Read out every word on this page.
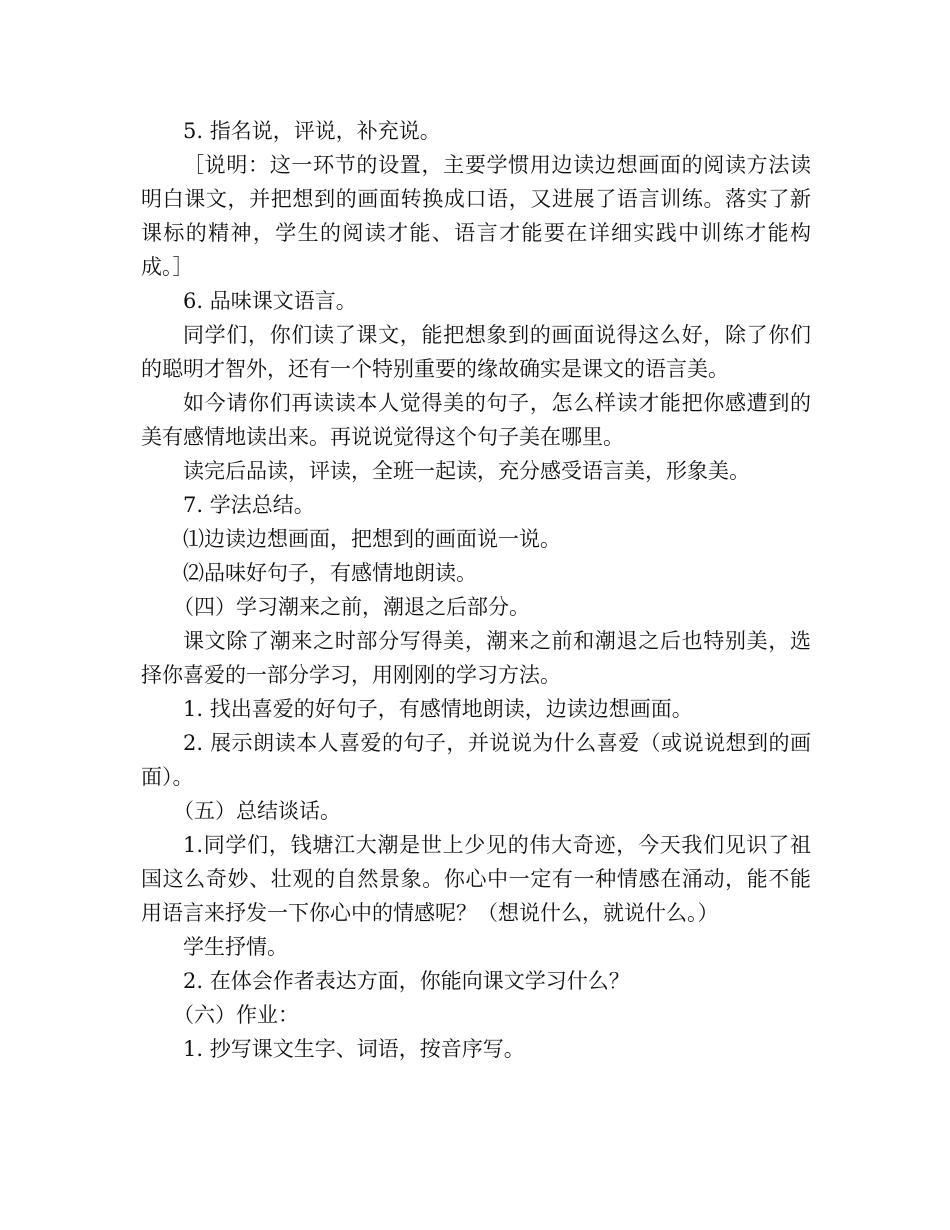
5. 指名说，评说，补充说。

［说明：这一环节的设置，主要学惯用边读边想画面的阅读方法读明白课文，并把想到的画面转换成口语，又进展了语言训练。落实了新课标的精神，学生的阅读才能、语言才能要在详细实践中训练才能构成。］

6. 品味课文语言。

同学们，你们读了课文，能把想象到的画面说得这么好，除了你们的聪明才智外，还有一个特别重要的缘故确实是课文的语言美。

如今请你们再读读本人觉得美的句子，怎么样读才能把你感遭到的美有感情地读出来。再说说觉得这个句子美在哪里。

读完后品读，评读，全班一起读，充分感受语言美，形象美。

7. 学法总结。

⑴边读边想画面，把想到的画面说一说。

⑵品味好句子，有感情地朗读。

（四）学习潮来之前，潮退之后部分。

课文除了潮来之时部分写得美，潮来之前和潮退之后也特别美，选择你喜爱的一部分学习，用刚刚的学习方法。

1. 找出喜爱的好句子，有感情地朗读，边读边想画面。

2. 展示朗读本人喜爱的句子，并说说为什么喜爱（或说说想到的画面）。

（五）总结谈话。

1.同学们，钱塘江大潮是世上少见的伟大奇迹，今天我们见识了祖国这么奇妙、壮观的自然景象。你心中一定有一种情感在涌动，能不能用语言来抒发一下你心中的情感呢？（想说什么，就说什么。）

学生抒情。

2. 在体会作者表达方面，你能向课文学习什么？

（六）作业：

1. 抄写课文生字、词语，按音序写。
